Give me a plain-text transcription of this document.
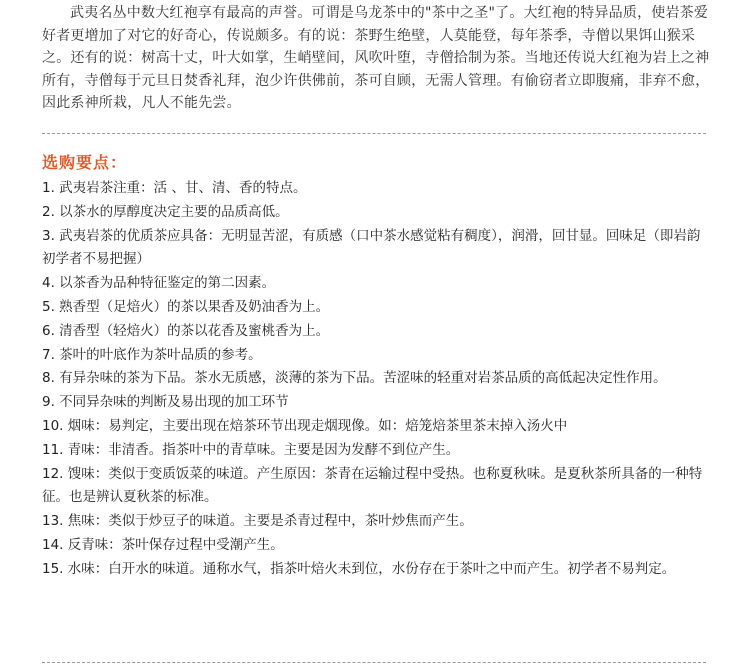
武夷名丛中数大红袍享有最高的声誉。可谓是乌龙茶中的"茶中之圣"了。大红袍的特异品质，使岩茶爱好者更增加了对它的好奇心，传说颇多。有的说：茶野生绝壁，人莫能登，每年茶季，寺僧以果饵山猴采之。还有的说：树高十丈，叶大如掌，生峭壁间，风吹叶堕，寺僧拾制为茶。当地还传说大红袍为岩上之神所有，寺僧每于元旦日焚香礼拜，泡少许供佛前，茶可自顾，无需人管理。有偷窃者立即腹痛，非弃不愈，因此系神所栽，凡人不能先尝。

选购要点：
1. 武夷岩茶注重：活 、甘、清、香的特点。
2. 以茶水的厚醇度决定主要的品质高低。
3. 武夷岩茶的优质茶应具备：无明显苦涩，有质感（口中茶水感觉粘有稠度），润滑，回甘显。回味足（即岩韵 初学者不易把握）
4. 以茶香为品种特征鉴定的第二因素。
5. 熟香型（足焙火）的茶以果香及奶油香为上。
6. 清香型（轻焙火）的茶以花香及蜜桃香为上。
7. 茶叶的叶底作为茶叶品质的参考。
8. 有异杂味的茶为下品。茶水无质感，淡薄的茶为下品。苦涩味的轻重对岩茶品质的高低起决定性作用。
9. 不同异杂味的判断及易出现的加工环节
10. 烟味：易判定，主要出现在焙茶环节出现走烟现像。如：焙笼焙茶里茶末掉入汤火中
11. 青味：非清香。指茶叶中的青草味。主要是因为发酵不到位产生。
12. 馊味：类似于变质饭菜的味道。产生原因：茶青在运输过程中受热。也称夏秋味。是夏秋茶所具备的一种特征。也是辨认夏秋茶的标准。
13. 焦味：类似于炒豆子的味道。主要是杀青过程中，茶叶炒焦而产生。
14. 反青味：茶叶保存过程中受潮产生。
15. 水味：白开水的味道。通称水气，指茶叶焙火未到位，水份存在于茶叶之中而产生。初学者不易判定。
